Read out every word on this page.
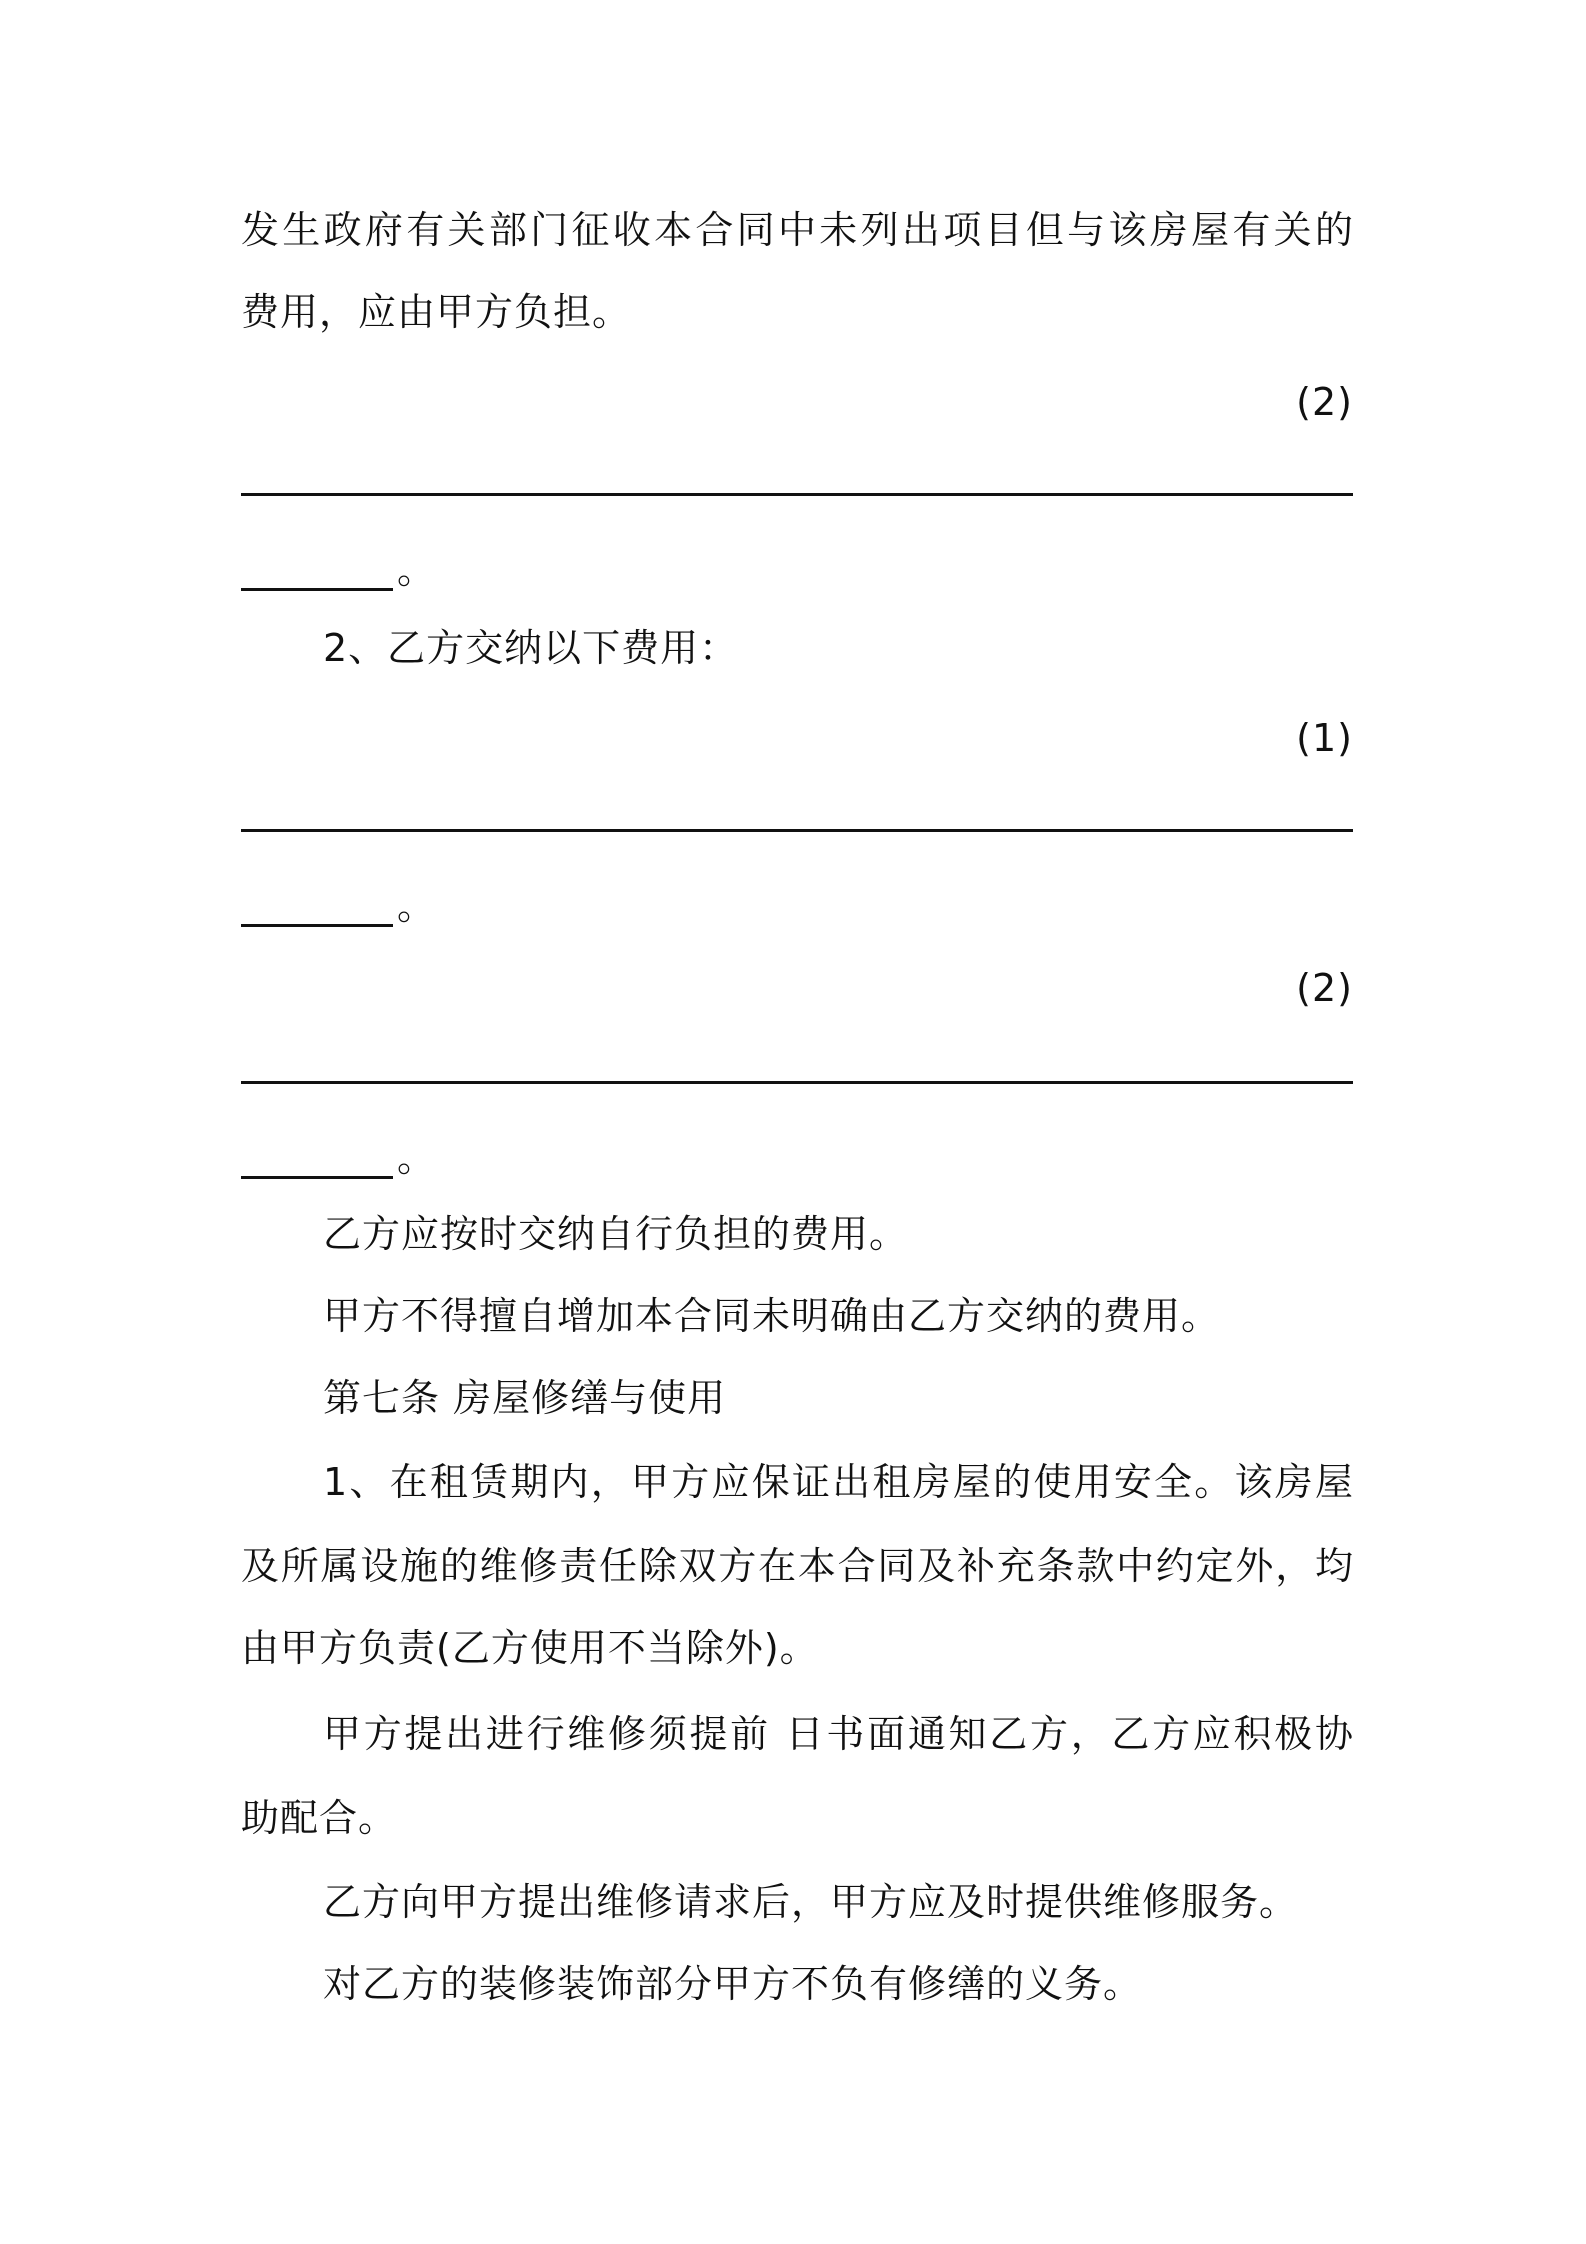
发生政府有关部门征收本合同中未列出项目但与该房屋有关的
费用，应由甲方负担。
(2)
。
2、乙方交纳以下费用：
(1)
。
(2)
。
乙方应按时交纳自行负担的费用。
甲方不得擅自增加本合同未明确由乙方交纳的费用。
第七条 房屋修缮与使用
1、在租赁期内，甲方应保证出租房屋的使用安全。该房屋
及所属设施的维修责任除双方在本合同及补充条款中约定外，均
由甲方负责(乙方使用不当除外)。
甲方提出进行维修须提前 日书面通知乙方，乙方应积极协
助配合。
乙方向甲方提出维修请求后，甲方应及时提供维修服务。
对乙方的装修装饰部分甲方不负有修缮的义务。
